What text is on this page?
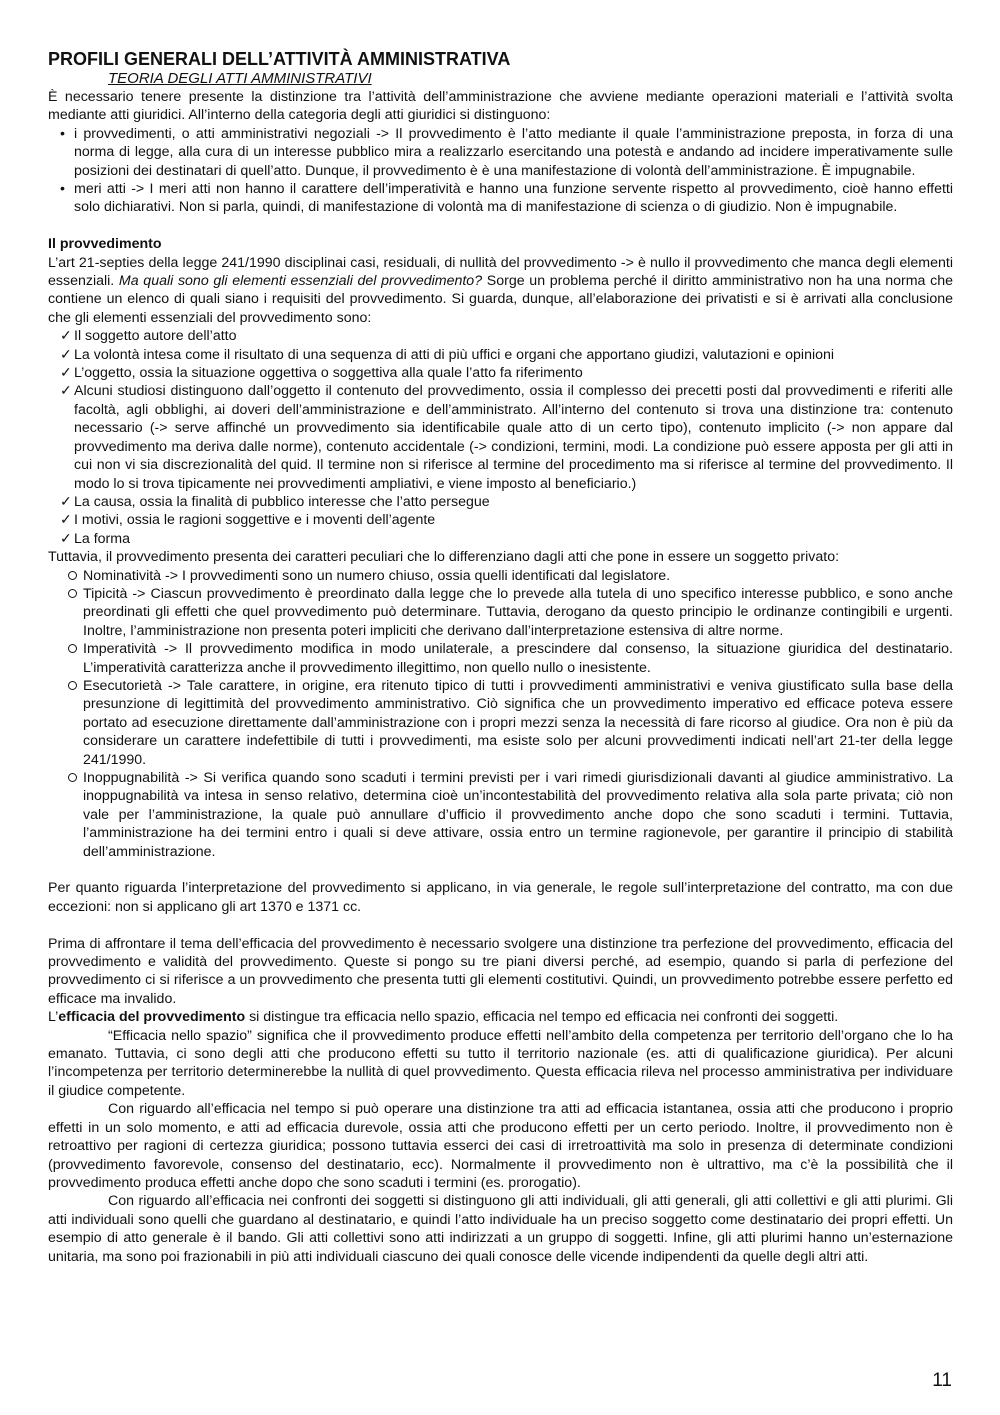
PROFILI GENERALI DELL’ATTIVITÀ AMMINISTRATIVA
TEORIA DEGLI ATTI AMMINISTRATIVI

È necessario tenere presente la distinzione tra l’attività dell’amministrazione che avviene mediante operazioni materiali e l’attività svolta mediante atti giuridici. All’interno della categoria degli atti giuridici si distinguono:

• i provvedimenti, o atti amministrativi negoziali -> Il provvedimento è l’atto mediante il quale l’amministrazione preposta, in forza di una norma di legge, alla cura di un interesse pubblico mira a realizzarlo esercitando una potestà e andando ad incidere imperativamente sulle posizioni dei destinatari di quell’atto. Dunque, il provvedimento è è una manifestazione di volontà dell’amministrazione. È impugnabile.
• meri atti -> I meri atti non hanno il carattere dell’imperatività e hanno una funzione servente rispetto al provvedimento, cioè hanno effetti solo dichiarativi. Non si parla, quindi, di manifestazione di volontà ma di manifestazione di scienza o di giudizio. Non è impugnabile.

Il provvedimento

L’art 21-septies della legge 241/1990 disciplinai casi, residuali, di nullità del provvedimento -> è nullo il provvedimento che manca degli elementi essenziali. Ma quali sono gli elementi essenziali del provvedimento? Sorge un problema perché il diritto amministrativo non ha una norma che contiene un elenco di quali siano i requisiti del provvedimento. Si guarda, dunque, all’elaborazione dei privatisti e si è arrivati alla conclusione che gli elementi essenziali del provvedimento sono:

✓ Il soggetto autore dell’atto
✓ La volontà intesa come il risultato di una sequenza di atti di più uffici e organi che apportano giudizi, valutazioni e opinioni
✓ L’oggetto, ossia la situazione oggettiva o soggettiva alla quale l’atto fa riferimento
✓ Alcuni studiosi distinguono dall’oggetto il contenuto del provvedimento, ossia il complesso dei precetti posti dal provvedimenti e riferiti alle facoltà, agli obblighi, ai doveri dell’amministrazione e dell’amministrato. All’interno del contenuto si trova una distinzione tra: contenuto necessario (-> serve affinché un provvedimento sia identificabile quale atto di un certo tipo), contenuto implicito (-> non appare dal provvedimento ma deriva dalle norme), contenuto accidentale (-> condizioni, termini, modi. La condizione può essere apposta per gli atti in cui non vi sia discrezionalità del quid. Il termine non si riferisce al termine del procedimento ma si riferisce al termine del provvedimento. Il modo lo si trova tipicamente nei provvedimenti ampliativi, e viene imposto al beneficiario.)
✓ La causa, ossia la finalità di pubblico interesse che l’atto persegue
✓ I motivi, ossia le ragioni soggettive e i moventi dell’agente
✓ La forma

Tuttavia, il provvedimento presenta dei caratteri peculiari che lo differenziano dagli atti che pone in essere un soggetto privato:

Nominatività -> I provvedimenti sono un numero chiuso, ossia quelli identificati dal legislatore.
Tipicità -> Ciascun provvedimento è preordinato dalla legge che lo prevede alla tutela di uno specifico interesse pubblico, e sono anche preordinati gli effetti che quel provvedimento può determinare. Tuttavia, derogano da questo principio le ordinanze contingibili e urgenti. Inoltre, l’amministrazione non presenta poteri impliciti che derivano dall’interpretazione estensiva di altre norme.
Imperatività -> Il provvedimento modifica in modo unilaterale, a prescindere dal consenso, la situazione giuridica del destinatario. L’imperatività caratterizza anche il provvedimento illegittimo, non quello nullo o inesistente.
Esecutorietà -> Tale carattere, in origine, era ritenuto tipico di tutti i provvedimenti amministrativi e veniva giustificato sulla base della presunzione di legittimità del provvedimento amministrativo. Ciò significa che un provvedimento imperativo ed efficace poteva essere portato ad esecuzione direttamente dall’amministrazione con i propri mezzi senza la necessità di fare ricorso al giudice. Ora non è più da considerare un carattere indefettibile di tutti i provvedimenti, ma esiste solo per alcuni provvedimenti indicati nell’art 21-ter della legge 241/1990.
Inoppugnabilità -> Si verifica quando sono scaduti i termini previsti per i vari rimedi giurisdizionali davanti al giudice amministrativo. La inoppugnabilità va intesa in senso relativo, determina cioè un’incontestabilità del provvedimento relativa alla sola parte privata; ciò non vale per l’amministrazione, la quale può annullare d’ufficio il provvedimento anche dopo che sono scaduti i termini. Tuttavia, l’amministrazione ha dei termini entro i quali si deve attivare, ossia entro un termine ragionevole, per garantire il principio di stabilità dell’amministrazione.

Per quanto riguarda l’interpretazione del provvedimento si applicano, in via generale, le regole sull’interpretazione del contratto, ma con due eccezioni: non si applicano gli art 1370 e 1371 cc.

Prima di affrontare il tema dell’efficacia del provvedimento è necessario svolgere una distinzione tra perfezione del provvedimento, efficacia del provvedimento e validità del provvedimento. Queste si pongo su tre piani diversi perché, ad esempio, quando si parla di perfezione del provvedimento ci si riferisce a un provvedimento che presenta tutti gli elementi costitutivi. Quindi, un provvedimento potrebbe essere perfetto ed efficace ma invalido.

L’efficacia del provvedimento si distingue tra efficacia nello spazio, efficacia nel tempo ed efficacia nei confronti dei soggetti.

“Efficacia nello spazio” significa che il provvedimento produce effetti nell’ambito della competenza per territorio dell’organo che lo ha emanato. Tuttavia, ci sono degli atti che producono effetti su tutto il territorio nazionale (es. atti di qualificazione giuridica). Per alcuni l’incompetenza per territorio determinerebbe la nullità di quel provvedimento. Questa efficacia rileva nel processo amministrativa per individuare il giudice competente.

Con riguardo all’efficacia nel tempo si può operare una distinzione tra atti ad efficacia istantanea, ossia atti che producono i proprio effetti in un solo momento, e atti ad efficacia durevole, ossia atti che producono effetti per un certo periodo. Inoltre, il provvedimento non è retroattivo per ragioni di certezza giuridica; possono tuttavia esserci dei casi di irretroattività ma solo in presenza di determinate condizioni (provvedimento favorevole, consenso del destinatario, ecc). Normalmente il provvedimento non è ultrattivo, ma c’è la possibilità che il provvedimento produca effetti anche dopo che sono scaduti i termini (es. prorogatio).

Con riguardo all’efficacia nei confronti dei soggetti si distinguono gli atti individuali, gli atti generali, gli atti collettivi e gli atti plurimi. Gli atti individuali sono quelli che guardano al destinatario, e quindi l’atto individuale ha un preciso soggetto come destinatario dei propri effetti. Un esempio di atto generale è il bando. Gli atti collettivi sono atti indirizzati a un gruppo di soggetti. Infine, gli atti plurimi hanno un’esternazione unitaria, ma sono poi frazionabili in più atti individuali ciascuno dei quali conosce delle vicende indipendenti da quelle degli altri atti.

11
